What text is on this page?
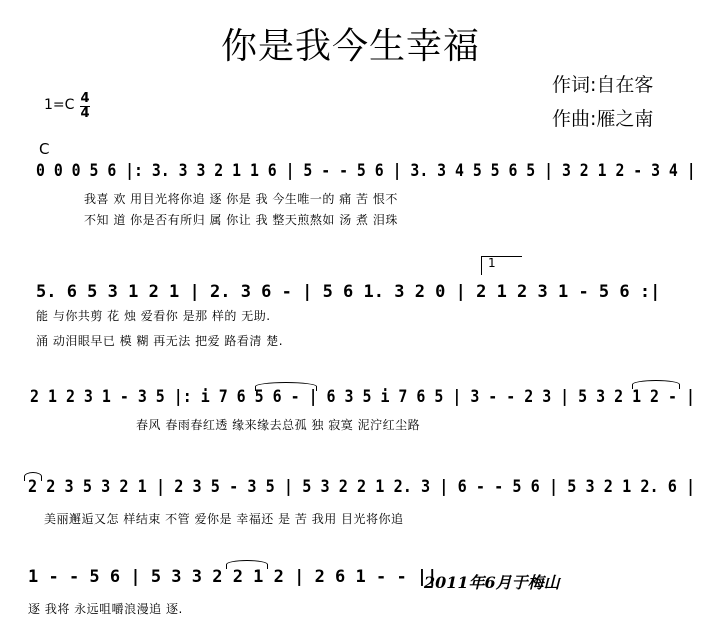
你是我今生幸福
作词:自在客
作曲:雁之南
$1=C \frac{4}{4}$
C
0 0 0 5 6 |: 3. 3 3 2 1 1 6 | 5 - - 5 6 | 3. 3 4 5 5 6 5 | 3 2 1 2 - 3 4 |
我喜 欢 用目光将你追 逐 你是 我 今生唯一的 痛 苦 恨不
不知 道 你是否有所归 属 你让 我 整天煎熬如 汤 煮 泪珠
1
5. 6 5 3 1 2 1 | 2. 3 6 - | 5 6 1. 3 2 0 | 2 1 2 3 1 - 5 6 :|
能 与你共剪 花 烛 爱看你 是那 样的 无助.
涌 动泪眼早已 模 糊 再无法 把爱 路看清 楚.
2 1 2 3 1 - 3 5 |: i 7 6 5 6 - | 6 3 5 i 7 6 5 | 3 - - 2 3 | 5 3 2 1 2 - |
春风 春雨春红透 缘来缘去总孤 独 寂寞 泥泞红尘路
2 2 3 5 3 2 1 | 2 3 5 - 3 5 | 5 3 2 2 1 2. 3 | 6 - - 5 6 | 5 3 2 1 2. 6 |
美丽邂逅又怎 样结束 不管 爱你是 幸福还 是 苦 我用 目光将你追
1 - - 5 6 | 5 3 3 2 2 1 2 | 2 6 1 - - ||
逐 我将 永远咀嚼浪漫追 逐.
2011年6月于梅山
